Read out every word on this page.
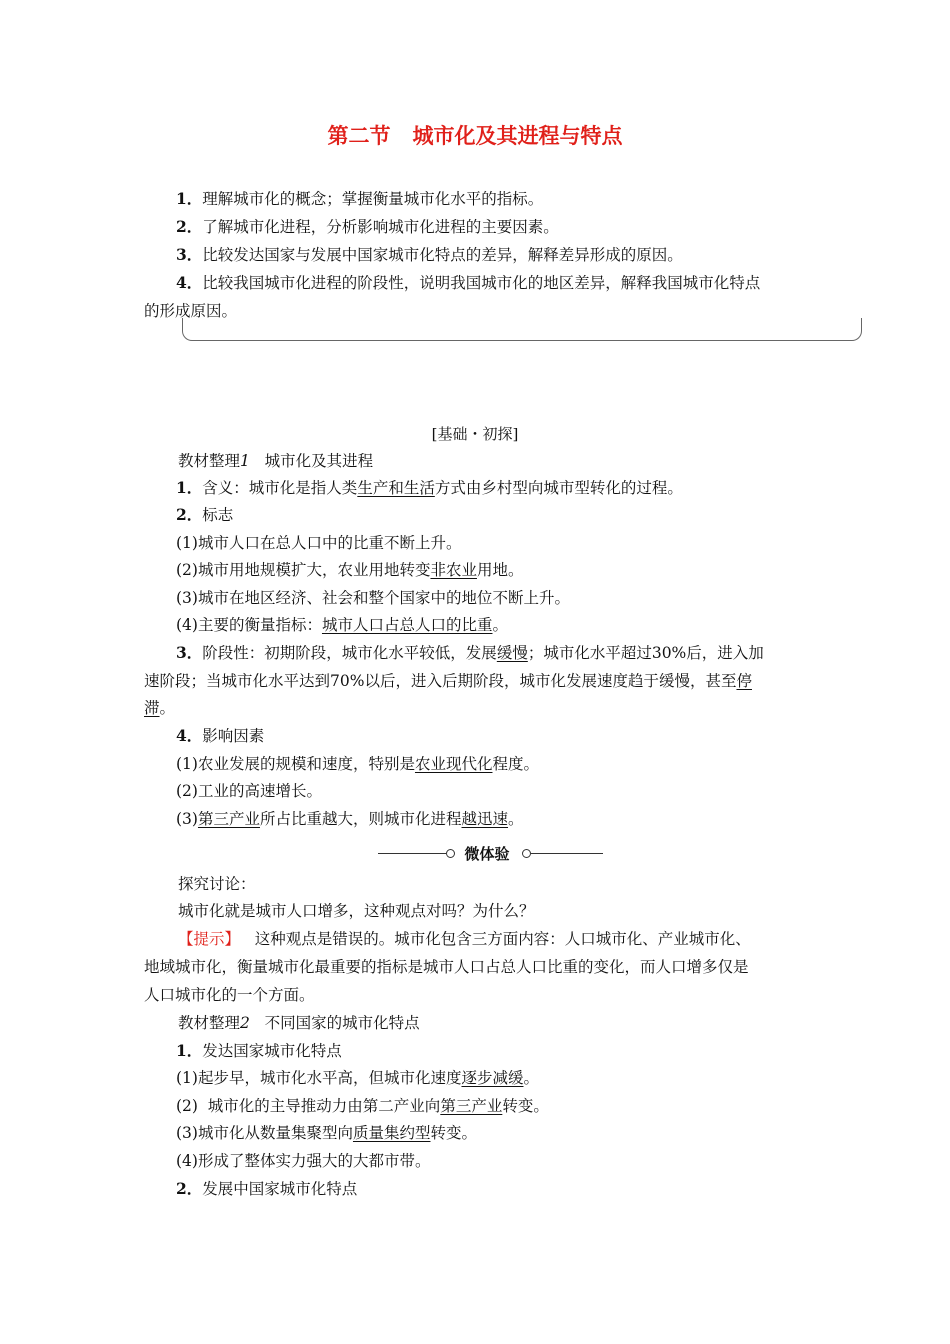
第二节 城市化及其进程与特点
1．理解城市化的概念；掌握衡量城市化水平的指标。
2．了解城市化进程，分析影响城市化进程的主要因素。
3．比较发达国家与发展中国家城市化特点的差异，解释差异形成的原因。
4．比较我国城市化进程的阶段性，说明我国城市化的地区差异，解释我国城市化特点
的形成原因。
[基础・初探]
教材整理1 城市化及其进程
1．含义：城市化是指人类生产和生活方式由乡村型向城市型转化的过程。
2．标志
(1)城市人口在总人口中的比重不断上升。
(2)城市用地规模扩大，农业用地转变非农业用地。
(3)城市在地区经济、社会和整个国家中的地位不断上升。
(4)主要的衡量指标：城市人口占总人口的比重。
3．阶段性：初期阶段，城市化水平较低，发展缓慢；城市化水平超过30%后，进入加
速阶段；当城市化水平达到70%以后，进入后期阶段，城市化发展速度趋于缓慢，甚至停
滞。
4．影响因素
(1)农业发展的规模和速度，特别是农业现代化程度。
(2)工业的高速增长。
(3)第三产业所占比重越大，则城市化进程越迅速。
微体验
探究讨论：
城市化就是城市人口增多，这种观点对吗？为什么？
【提示】 这种观点是错误的。城市化包含三方面内容：人口城市化、产业城市化、
地域城市化，衡量城市化最重要的指标是城市人口占总人口比重的变化，而人口增多仅是
人口城市化的一个方面。
教材整理2 不同国家的城市化特点
1．发达国家城市化特点
(1)起步早，城市化水平高，但城市化速度逐步减缓。
(2)  城市化的主导推动力由第二产业向第三产业转变。
(3)城市化从数量集聚型向质量集约型转变。
(4)形成了整体实力强大的大都市带。
2．发展中国家城市化特点
